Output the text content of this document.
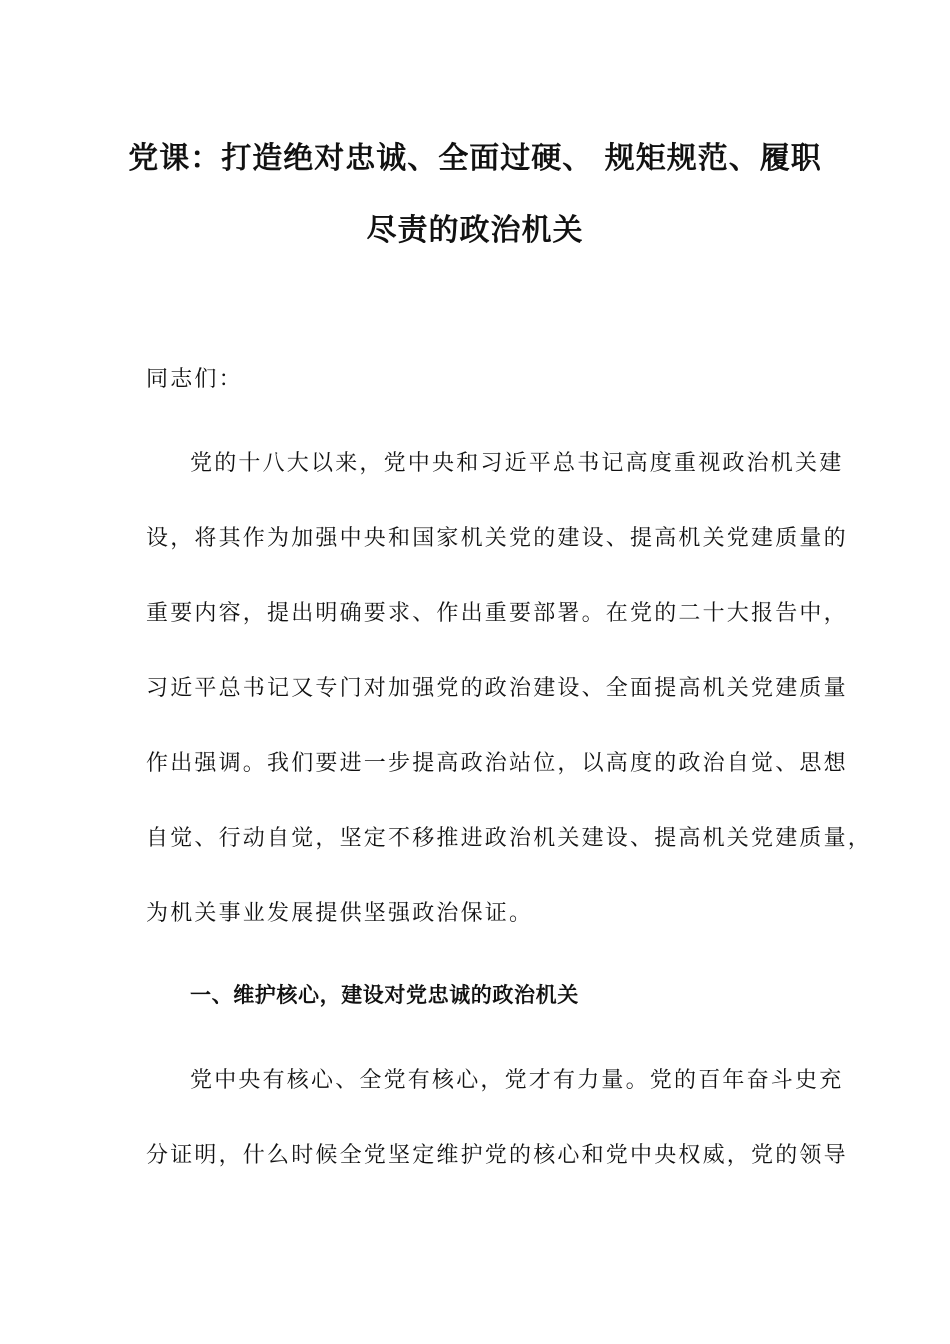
党课：打造绝对忠诚、全面过硬、 规矩规范、履职
尽责的政治机关
同志们：
党的十八大以来，党中央和习近平总书记高度重视政治机关建
设，将其作为加强中央和国家机关党的建设、提高机关党建质量的
重要内容，提出明确要求、作出重要部署。在党的二十大报告中，
习近平总书记又专门对加强党的政治建设、全面提高机关党建质量
作出强调。我们要进一步提高政治站位，以高度的政治自觉、思想
自觉、行动自觉，坚定不移推进政治机关建设、提高机关党建质量，
为机关事业发展提供坚强政治保证。
一、维护核心，建设对党忠诚的政治机关
党中央有核心、全党有核心，党才有力量。党的百年奋斗史充
分证明，什么时候全党坚定维护党的核心和党中央权威，党的领导
